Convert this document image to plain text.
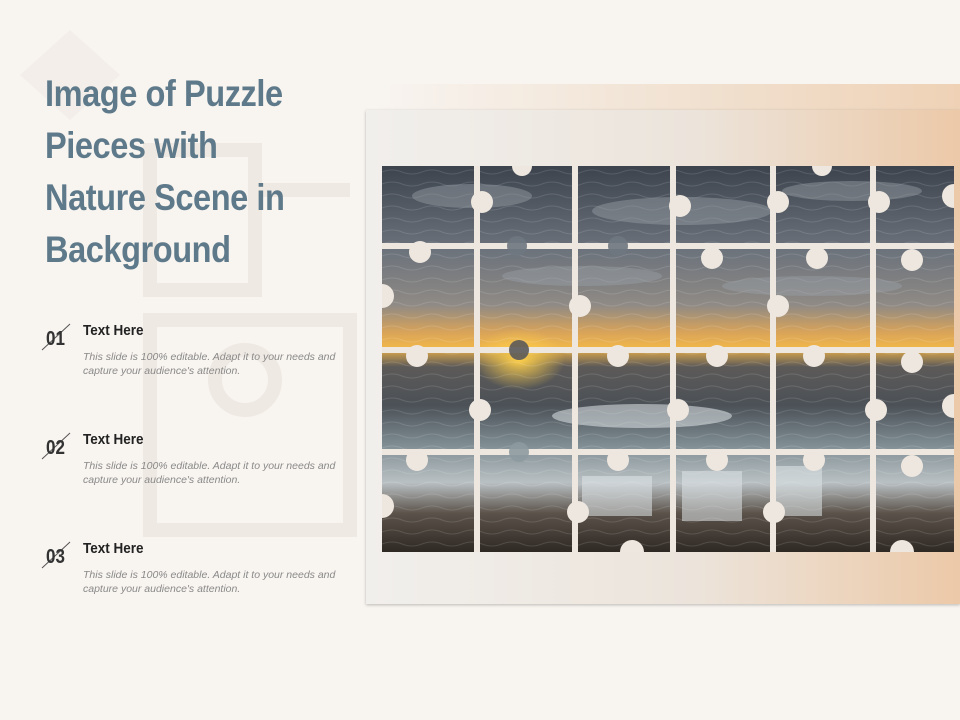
Image of Puzzle Pieces with Nature Scene in Background
01 Text Here
This slide is 100% editable. Adapt it to your needs and capture your audience's attention.
02 Text Here
This slide is 100% editable. Adapt it to your needs and capture your audience's attention.
03 Text Here
This slide is 100% editable. Adapt it to your needs and capture your audience's attention.
